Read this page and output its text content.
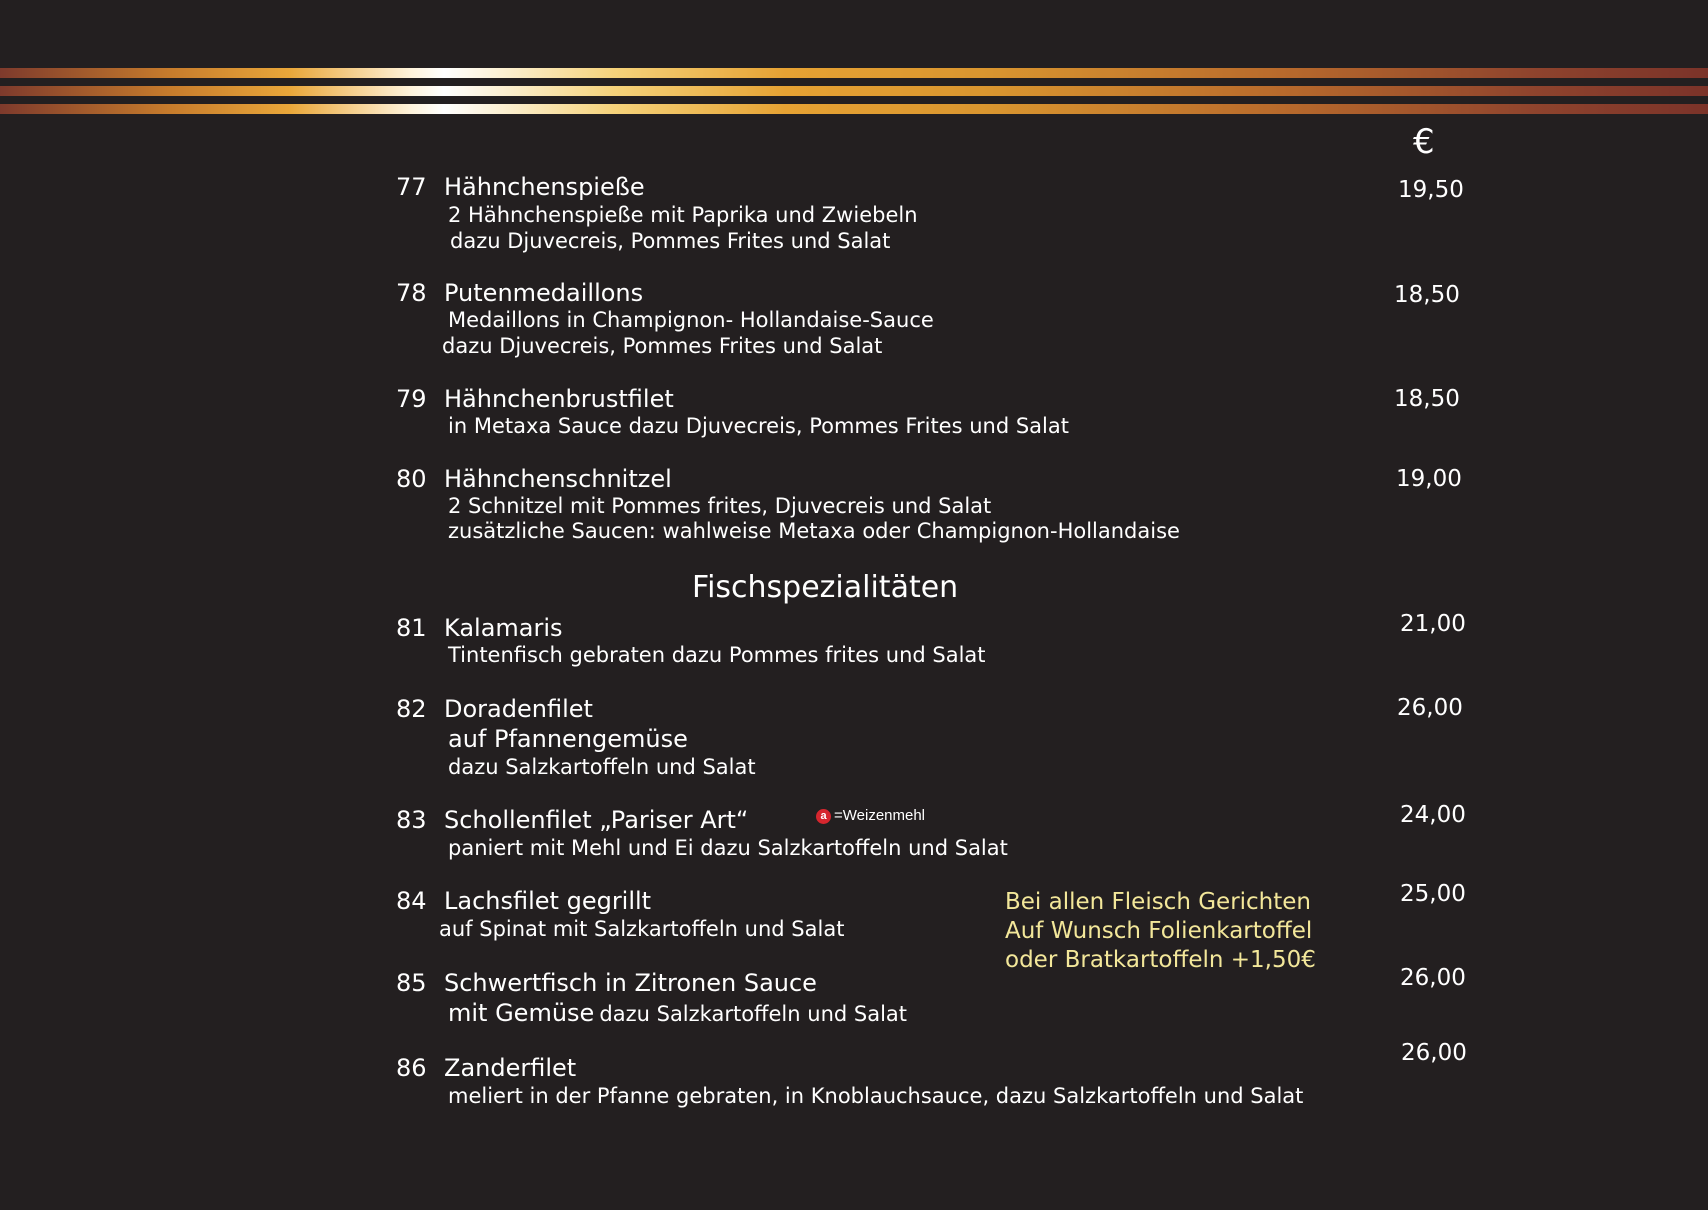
€
77 Hähnchenspieße
2 Hähnchenspieße mit Paprika und Zwiebeln
dazu Djuvecreis, Pommes Frites und Salat
19,50
78 Putenmedaillons
Medaillons in Champignon- Hollandaise-Sauce
dazu Djuvecreis, Pommes Frites und Salat
18,50
79 Hähnchenbrustfilet
in Metaxa Sauce dazu Djuvecreis, Pommes Frites und Salat
18,50
80 Hähnchenschnitzel
2 Schnitzel mit Pommes frites, Djuvecreis und Salat
zusätzliche Saucen: wahlweise Metaxa oder Champignon-Hollandaise
19,00
Fischspezialitäten
81 Kalamaris
Tintenfisch gebraten dazu Pommes frites und Salat
21,00
82 Doradenfilet
auf Pfannengemüse
dazu Salzkartoffeln und Salat
26,00
83 Schollenfilet „Pariser Art“
paniert mit Mehl und Ei dazu Salzkartoffeln und Salat
24,00
a =Weizenmehl
84 Lachsfilet gegrillt
auf Spinat mit Salzkartoffeln und Salat
25,00
85 Schwertfisch in Zitronen Sauce
mit Gemüse dazu Salzkartoffeln und Salat
26,00
86 Zanderfilet
meliert in der Pfanne gebraten, in Knoblauchsauce, dazu Salzkartoffeln und Salat
26,00
Bei allen Fleisch Gerichten
Auf Wunsch Folienkartoffel
oder Bratkartoffeln +1,50€
